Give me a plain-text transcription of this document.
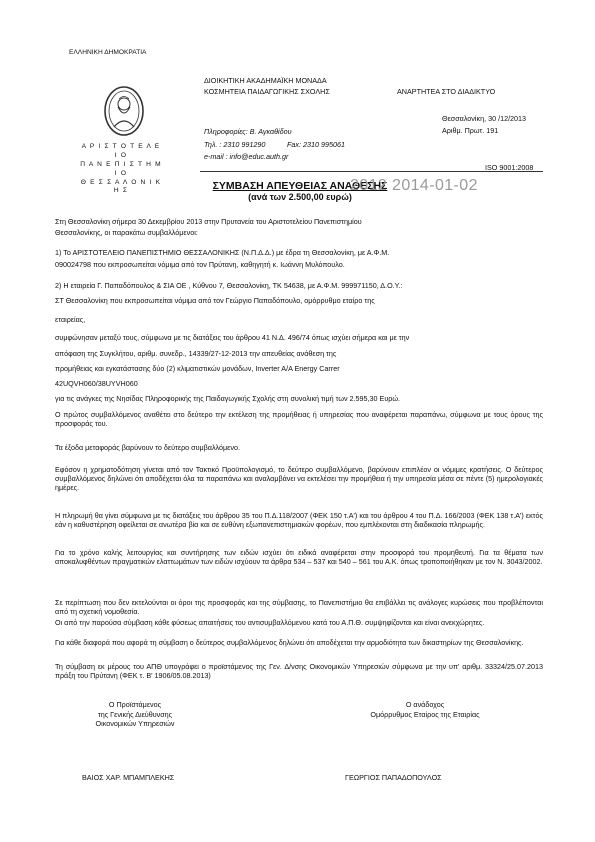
ΕΛΛΗΝΙΚΗ ΔΗΜΟΚΡΑΤΙΑ
Α Ρ Ι Σ Τ Ο Τ Ε Λ Ε Ι Ο
Π Α Ν Ε Π Ι Σ Τ Η Μ Ι Ο
Θ Ε Σ Σ Α Λ Ο Ν Ι Κ Η Σ
ΔΙΟΙΚΗΤΙΚΗ ΑΚΑΔΗΜΑΪΚΗ ΜΟΝΑΔΑ
ΚΟΣΜΗΤΕΙΑ ΠΑΙΔΑΓΩΓΙΚΗΣ ΣΧΟΛΗΣ	ΑΝΑΡΤΗΤΕΑ ΣΤΟ ΔΙΑΔΙΚΤΥΟ
Πληροφορίες: Β. Αγκαθίδου
Τηλ. : 2310 991290	Fax: 2310 995061
e-mail : info@educ.auth.gr
Θεσσαλονίκη, 30 /12/2013
Αριθμ. Πρωτ. 191
ISO 9001:2008
ΣΥΜΒΑΣΗ ΑΠΕΥΘΕΙΑΣ ΑΝΑΘΕΣΗΣ
(ανά των 2.500,00 ευρώ)
2012 2014-01-02
Στη Θεσσαλονίκη σήμερα 30 Δεκεμβρίου 2013 στην Πρυτανεία του Αριστοτελείου Πανεπιστημίου
Θεσσαλονίκης, οι παρακάτω συμβαλλόμενοι:
1) Το ΑΡΙΣΤΟΤΕΛΕΙΟ ΠΑΝΕΠΙΣΤΗΜΙΟ ΘΕΣΣΑΛΟΝΙΚΗΣ (Ν.Π.Δ.Δ.) με έδρα τη Θεσσαλονίκη, με Α.Φ.Μ.
090024798 που εκπροσωπείται νόμιμα από τον Πρύτανη, καθηγητή κ. Ιωάννη Μυλόπουλο.
2) Η εταιρεία Γ. Παπαδόπουλος & ΣΙΑ ΟΕ , Κύθνου 7, Θεσσαλονίκη, ΤΚ 54638, με Α.Φ.Μ. 999971150, Δ.Ο.Υ.:
ΣΤ Θεσσαλονίκη που εκπροσωπείται νόμιμα από τον Γεώργιο Παπαδόπουλο, ομόρρυθμο εταίρο της
εταιρείας,
συμφώνησαν μεταξύ τους, σύμφωνα με τις διατάξεις του άρθρου 41 Ν.Δ. 496/74 όπως ισχύει σήμερα και με την
απόφαση της Συγκλήτου, αριθμ. συνεδρ., 14339/27-12-2013 την απευθείας ανάθεση της
προμήθειας και εγκατάστασης δύο (2) κλιματιστικών μονάδων, Inverter A/A Energy Carrer
42UQVH060/38UYVH060
για τις ανάγκες της Νησίδας Πληροφορικής της Παιδαγωγικής Σχολής στη συνολική τιμή των 2.595,30 Ευρώ.
Ο πρώτος συμβαλλόμενος αναθέτει στο δεύτερο την εκτέλεση της προμήθειας ή υπηρεσίας που αναφέρεται παραπάνω, σύμφωνα με τους όρους της προσφοράς του.
Τα έξοδα μεταφοράς βαρύνουν το δεύτερο συμβαλλόμενο.
Εφόσον η χρηματοδότηση γίνεται από τον Τακτικό Προϋπολογισμό, το δεύτερο συμβαλλόμενο, βαρύνουν επιπλέον οι νόμιμες κρατήσεις. Ο δεύτερος συμβαλλόμενος δηλώνει ότι αποδέχεται όλα τα παραπάνω και αναλαμβάνει να εκτελέσει την προμήθεια ή την υπηρεσία μέσα σε πέντε (5) ημερολογιακές ημέρες.
Η πληρωμή θα γίνει σύμφωνα με τις διατάξεις του άρθρου 35 του Π.Δ.118/2007 (ΦΕΚ 150 τ.Α') και του άρθρου 4 του Π.Δ. 166/2003 (ΦΕΚ 138 τ.Α') εκτός εάν η καθυστέρηση οφείλεται σε ανωτέρα βία και σε ευθύνη εξωπανεπιστημιακών φορέων, που εμπλέκονται στη διαδικασία πληρωμής.
Για το χρόνο καλής λειτουργίας και συντήρησης των ειδών ισχύει ότι ειδικά αναφέρεται στην προσφορά του προμηθευτή. Για τα θέματα των αποκαλυφθέντων πραγματικών ελαττωμάτων των ειδών ισχύουν τα άρθρα 534 – 537 και 540 – 561 του Α.Κ. όπως τροποποιήθηκαν με τον Ν. 3043/2002.
Σε περίπτωση που δεν εκτελούνται οι όροι της προσφοράς και της σύμβασης, το Πανεπιστήμιο θα επιβάλλει τις ανάλογες κυρώσεις που προβλέπονται από τη σχετική νομοθεσία.
Οι από την παρούσα σύμβαση κάθε φύσεως απαιτήσεις του αντισυμβαλλόμενου κατά του Α.Π.Θ. συμψηφίζονται και είναι ανεκχώρητες.
Για κάθε διαφορά που αφορά τη σύμβαση ο δεύτερος συμβαλλόμενος δηλώνει ότι αποδέχεται την αρμοδιότητα των δικαστηρίων της Θεσσαλονίκης.
Τη σύμβαση εκ μέρους του ΑΠΘ υπογράφει ο προϊστάμενος της Γεν. Δ/νσης Οικονομικών Υπηρεσιών σύμφωνα με την υπ' αριθμ. 33324/25.07.2013 πράξη του Πρύτανη (ΦΕΚ τ. Β' 1906/05.08.2013)
Ο Προϊστάμενος
της Γενικής Διεύθυνσης
Οικονομικών Υπηρεσιών
Ο ανάδοχος
Ομόρρυθμος Εταίρος της Εταιρίας
ΒΑΙΟΣ ΧΑΡ. ΜΠΑΜΠΛΕΚΗΣ	ΓΕΩΡΓΙΟΣ ΠΑΠΑΔΟΠΟΥΛΟΣ
